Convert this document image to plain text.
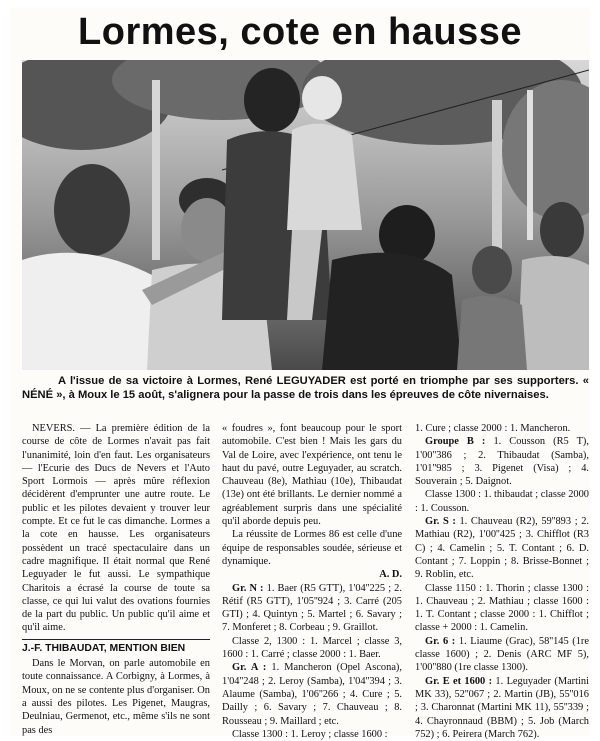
Lormes, cote en hausse

A l'issue de sa victoire à Lormes, René LEGUYADER est porté en triomphe par ses supporters. « NÉNÉ », à Moux le 15 août, s'alignera pour la passe de trois dans les épreuves de côte nivernaises.

NEVERS. — La première édition de la course de côte de Lormes n'avait pas fait l'unanimité, loin d'en faut. Les organisateurs — l'Ecurie des Ducs de Nevers et l'Auto Sport Lormois — après mûre réflexion décidèrent d'emprunter une autre route. Le public et les pilotes devaient y trouver leur compte. Et ce fut le cas dimanche. Lormes a la cote en hausse. Les organisateurs possèdent un tracé spectaculaire dans un cadre magnifique. Il était normal que René Leguyader le fut aussi. Le sympathique Charitois a écrasé la course de toute sa classe, ce qui lui valut des ovations fournies de la part du public. Un public qu'il aime et qu'il aime.

J.-F. THIBAUDAT, MENTION BIEN

Dans le Morvan, on parle automobile en toute connaissance. A Corbigny, à Lormes, à Moux, on ne se contente plus d'organiser. On a aussi des pilotes. Les Pigenet, Maugras, Deulniau, Germenot, etc., même s'ils ne sont pas des

« foudres », font beaucoup pour le sport automobile. C'est bien ! Mais les gars du Val de Loire, avec l'expérience, ont tenu le haut du pavé, outre Leguyader, au scratch. Chauveau (8e), Mathiau (10e), Thibaudat (13e) ont été brillants. Le dernier nommé a agréablement surpris dans une spécialité qu'il aborde depuis peu.

La réussite de Lormes 86 est celle d'une équipe de responsables soudée, sérieuse et dynamique.

A. D.

Gr. N : 1. Baer (R5 GTT), 1'04''225 ; 2. Rétif (R5 GTT), 1'05''924 ; 3. Carré (205 GTI) ; 4. Quintyn ; 5. Martel ; 6. Savary ; 7. Monferet ; 8. Corbeau ; 9. Graillot.

Classe 2, 1300 : 1. Marcel ; classe 3, 1600 : 1. Carré ; classe 2000 : 1. Baer.

Gr. A : 1. Mancheron (Opel Ascona), 1'04''248 ; 2. Leroy (Samba), 1'04''394 ; 3. Alaume (Samba), 1'06''266 ; 4. Cure ; 5. Dailly ; 6. Savary ; 7. Chauveau ; 8. Rousseau ; 9. Maillard ; etc.

Classe 1300 : 1. Leroy ; classe 1600 :

1. Cure ; classe 2000 : 1. Mancheron.

Groupe B : 1. Cousson (R5 T), 1'00''386 ; 2. Thibaudat (Samba), 1'01''985 ; 3. Pigenet (Visa) ; 4. Souverain ; 5. Daignot.

Classe 1300 : 1. thibaudat ; classe 2000 : 1. Cousson.

Gr. S : 1. Chauveau (R2), 59''893 ; 2. Mathiau (R2), 1'00''425 ; 3. Chifflot (R3 C) ; 4. Camelin ; 5. T. Contant ; 6. D. Contant ; 7. Loppin ; 8. Brisse-Bonnet ; 9. Roblin, etc.

Classe 1150 : 1. Thorin ; classe 1300 : 1. Chauveau ; 2. Mathiau ; classe 1600 : 1. T. Contant ; classe 2000 : 1. Chifflot ; classe + 2000 : 1. Camelin.

Gr. 6 : 1. Liaume (Grac), 58''145 (1re classe 1600) ; 2. Denis (ARC MF 5), 1'00''880 (1re classe 1300).

Gr. E et 1600 : 1. Leguyader (Martini MK 33), 52''067 ; 2. Martin (JB), 55''016 ; 3. Charonnat (Martini MK 11), 55''339 ; 4. Chayronnaud (BBM) ; 5. Job (March 752) ; 6. Peirera (March 762).
